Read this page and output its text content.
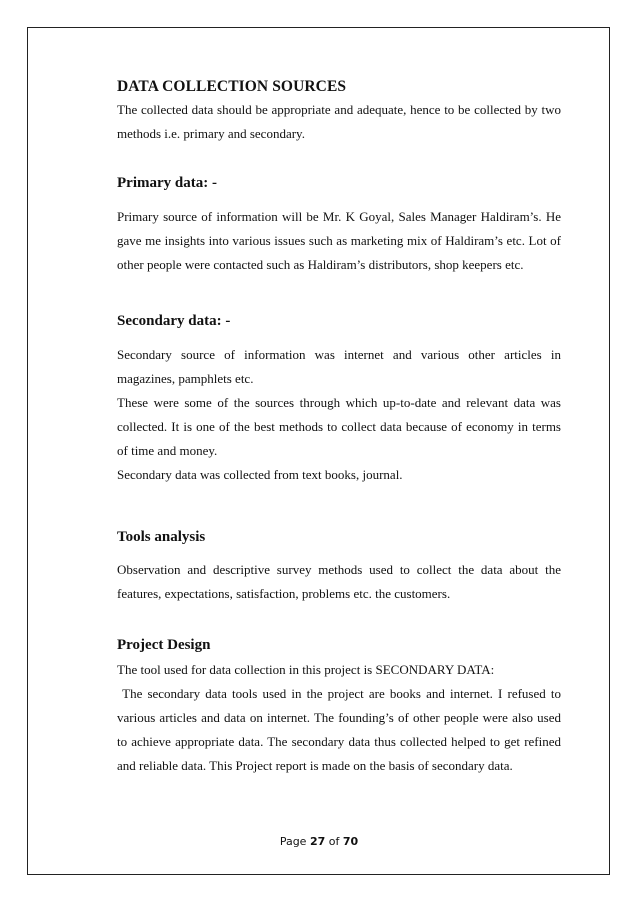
DATA COLLECTION SOURCES

The collected data should be appropriate and adequate, hence to be collected by two methods i.e. primary and secondary.

Primary data: -

Primary source of information will be Mr. K Goyal, Sales Manager Haldiram’s. He gave me insights into various issues such as marketing mix of Haldiram’s etc. Lot of other people were contacted such as Haldiram’s distributors, shop keepers etc.

Secondary data: -

Secondary source of information was internet and various other articles in magazines, pamphlets etc.

These were some of the sources through which up-to-date and relevant data was collected. It is one of the best methods to collect data because of economy in terms of time and money.

Secondary data was collected from text books, journal.

Tools analysis

Observation and descriptive survey methods used to collect the data about the features, expectations, satisfaction, problems etc. the customers.

Project Design

The tool used for data collection in this project is SECONDARY DATA:

The secondary data tools used in the project are books and internet. I refused to various articles and data on internet. The founding’s of other people were also used to achieve appropriate data. The secondary data thus collected helped to get refined and reliable data. This Project report is made on the basis of secondary data.

Page 27 of 70
